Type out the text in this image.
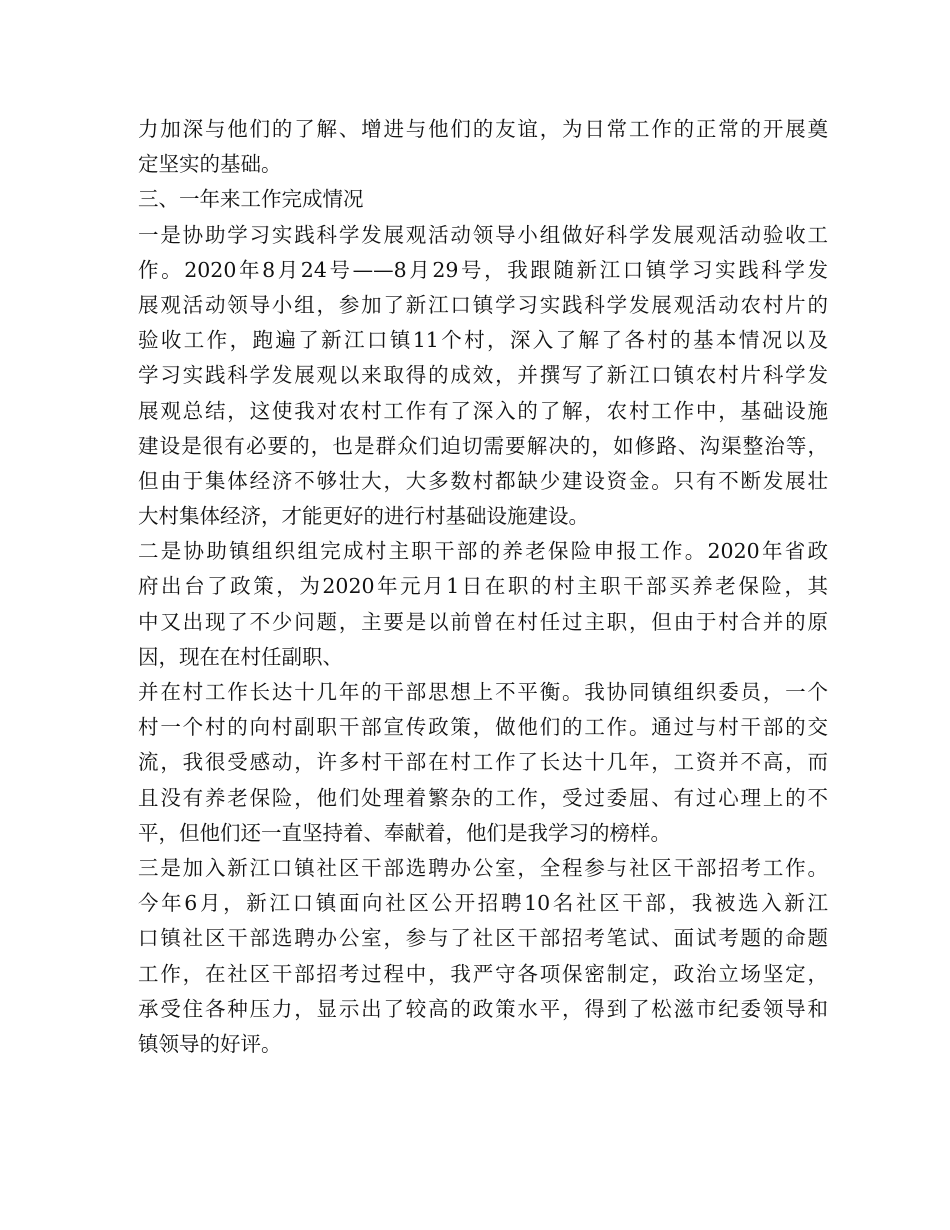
力加深与他们的了解、增进与他们的友谊，为日常工作的正常的开展奠
定坚实的基础。
三、一年来工作完成情况
一是协助学习实践科学发展观活动领导小组做好科学发展观活动验收工
作。2020年8月24号——8月29号，我跟随新江口镇学习实践科学发
展观活动领导小组，参加了新江口镇学习实践科学发展观活动农村片的
验收工作，跑遍了新江口镇11个村，深入了解了各村的基本情况以及
学习实践科学发展观以来取得的成效，并撰写了新江口镇农村片科学发
展观总结，这使我对农村工作有了深入的了解，农村工作中，基础设施
建设是很有必要的，也是群众们迫切需要解决的，如修路、沟渠整治等，
但由于集体经济不够壮大，大多数村都缺少建设资金。只有不断发展壮
大村集体经济，才能更好的进行村基础设施建设。
二是协助镇组织组完成村主职干部的养老保险申报工作。2020年省政
府出台了政策，为2020年元月1日在职的村主职干部买养老保险，其
中又出现了不少问题，主要是以前曾在村任过主职，但由于村合并的原
因，现在在村任副职、
并在村工作长达十几年的干部思想上不平衡。我协同镇组织委员，一个
村一个村的向村副职干部宣传政策，做他们的工作。通过与村干部的交
流，我很受感动，许多村干部在村工作了长达十几年，工资并不高，而
且没有养老保险，他们处理着繁杂的工作，受过委屈、有过心理上的不
平，但他们还一直坚持着、奉献着，他们是我学习的榜样。
三是加入新江口镇社区干部选聘办公室，全程参与社区干部招考工作。
今年6月，新江口镇面向社区公开招聘10名社区干部，我被选入新江
口镇社区干部选聘办公室，参与了社区干部招考笔试、面试考题的命题
工作，在社区干部招考过程中，我严守各项保密制定，政治立场坚定，
承受住各种压力，显示出了较高的政策水平，得到了松滋市纪委领导和
镇领导的好评。
